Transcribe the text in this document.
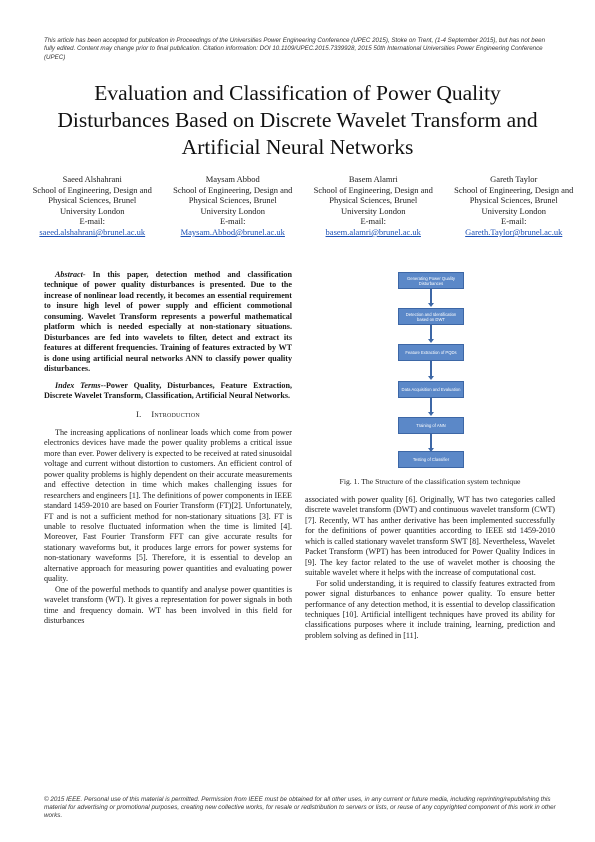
This article has been accepted for publication in Proceedings of the Universities Power Engineering Conference (UPEC 2015), Stoke on Trent, (1-4 September 2015), but has not been fully edited. Content may change prior to final publication. Citation information: DOI 10.1109/UPEC.2015.7339928, 2015 50th International Universities Power Engineering Conference (UPEC)
Evaluation and Classification of Power Quality Disturbances Based on Discrete Wavelet Transform and Artificial Neural Networks
Saeed Alshahrani
School of Engineering, Design and
Physical Sciences, Brunel
University London
E-mail:
saeed.alshahrani@brunel.ac.uk
Maysam Abbod
School of Engineering, Design and
Physical Sciences, Brunel
University London
E-mail:
Maysam.Abbod@brunel.ac.uk
Basem Alamri
School of Engineering, Design and
Physical Sciences, Brunel
University London
E-mail:
basem.alamri@brunel.ac.uk
Gareth Taylor
School of Engineering, Design and
Physical Sciences, Brunel
University London
E-mail:
Gareth.Taylor@brunel.ac.uk

Abstract- In this paper, detection method and classification technique of power quality disturbances is presented. Due to the increase of nonlinear load recently, it becomes an essential requirement to insure high level of power supply and efficient commotional consuming. Wavelet Transform represents a powerful mathematical platform which is needed especially at non-stationary situations. Disturbances are fed into wavelets to filter, detect and extract its features at different frequencies. Training of features extracted by WT is done using artificial neural networks ANN to classify power quality disturbances.

Index Terms--Power Quality, Disturbances, Feature Extraction, Discrete Wavelet Transform, Classification, Artificial Neural Networks.

I. Introduction

The increasing applications of nonlinear loads which come from power electronics devices have made the power quality problems a critical issue more than ever. Power delivery is expected to be received at rated sinusoidal voltage and current without distortion to customers. An efficient control of power quality problems is highly dependent on their accurate measurements and effective detection in time which makes challenging issues for researchers and engineers [1]. The definitions of power components in IEEE standard 1459-2010 are based on Fourier Transform (FT)[2]. Unfortunately, FT and is not a sufficient method for non-stationary situations [3]. FT is unable to resolve fluctuated information when the time is limited [4]. Moreover, Fast Fourier Transform FFT can give accurate results for stationary waveforms but, it produces large errors for power systems for non-stationary waveforms [5]. Therefore, it is essential to develop an alternative approach for measuring power quantities and evaluating power quality.

One of the powerful methods to quantify and analyse power quantities is wavelet transform (WT). It gives a representation for power signals in both time and frequency domain. WT has been involved in this field for disturbances

Generating Power Quality Disturbances
Detection and Identification based on DWT
Feature Extraction of PQDs
Data Acquisition and Evaluation
Training of ANN
Testing of Classifier
Fig. 1. The Structure of the classification system technique

associated with power quality [6]. Originally, WT has two categories called discrete wavelet transform (DWT) and continuous wavelet transform (CWT) [7]. Recently, WT has anther derivative has been implemented successfully for the definitions of power quantities according to IEEE std 1459-2010 which is called stationary wavelet transform SWT [8]. Nevertheless, Wavelet Packet Transform (WPT) has been introduced for Power Quality Indices in [9]. The key factor related to the use of wavelet mother is choosing the suitable wavelet where it helps with the increase of computational cost.

For solid understanding, it is required to classify features extracted from power signal disturbances to enhance power quality. To ensure better performance of any detection method, it is essential to develop classification techniques [10]. Artificial intelligent techniques have proved its ability for classifications purposes where it include training, learning, prediction and problem solving as defined in [11].

© 2015 IEEE. Personal use of this material is permitted. Permission from IEEE must be obtained for all other uses, in any current or future media, including reprinting/republishing this material for advertising or promotional purposes, creating new collective works, for resale or redistribution to servers or lists, or reuse of any copyrighted component of this work in other works.
